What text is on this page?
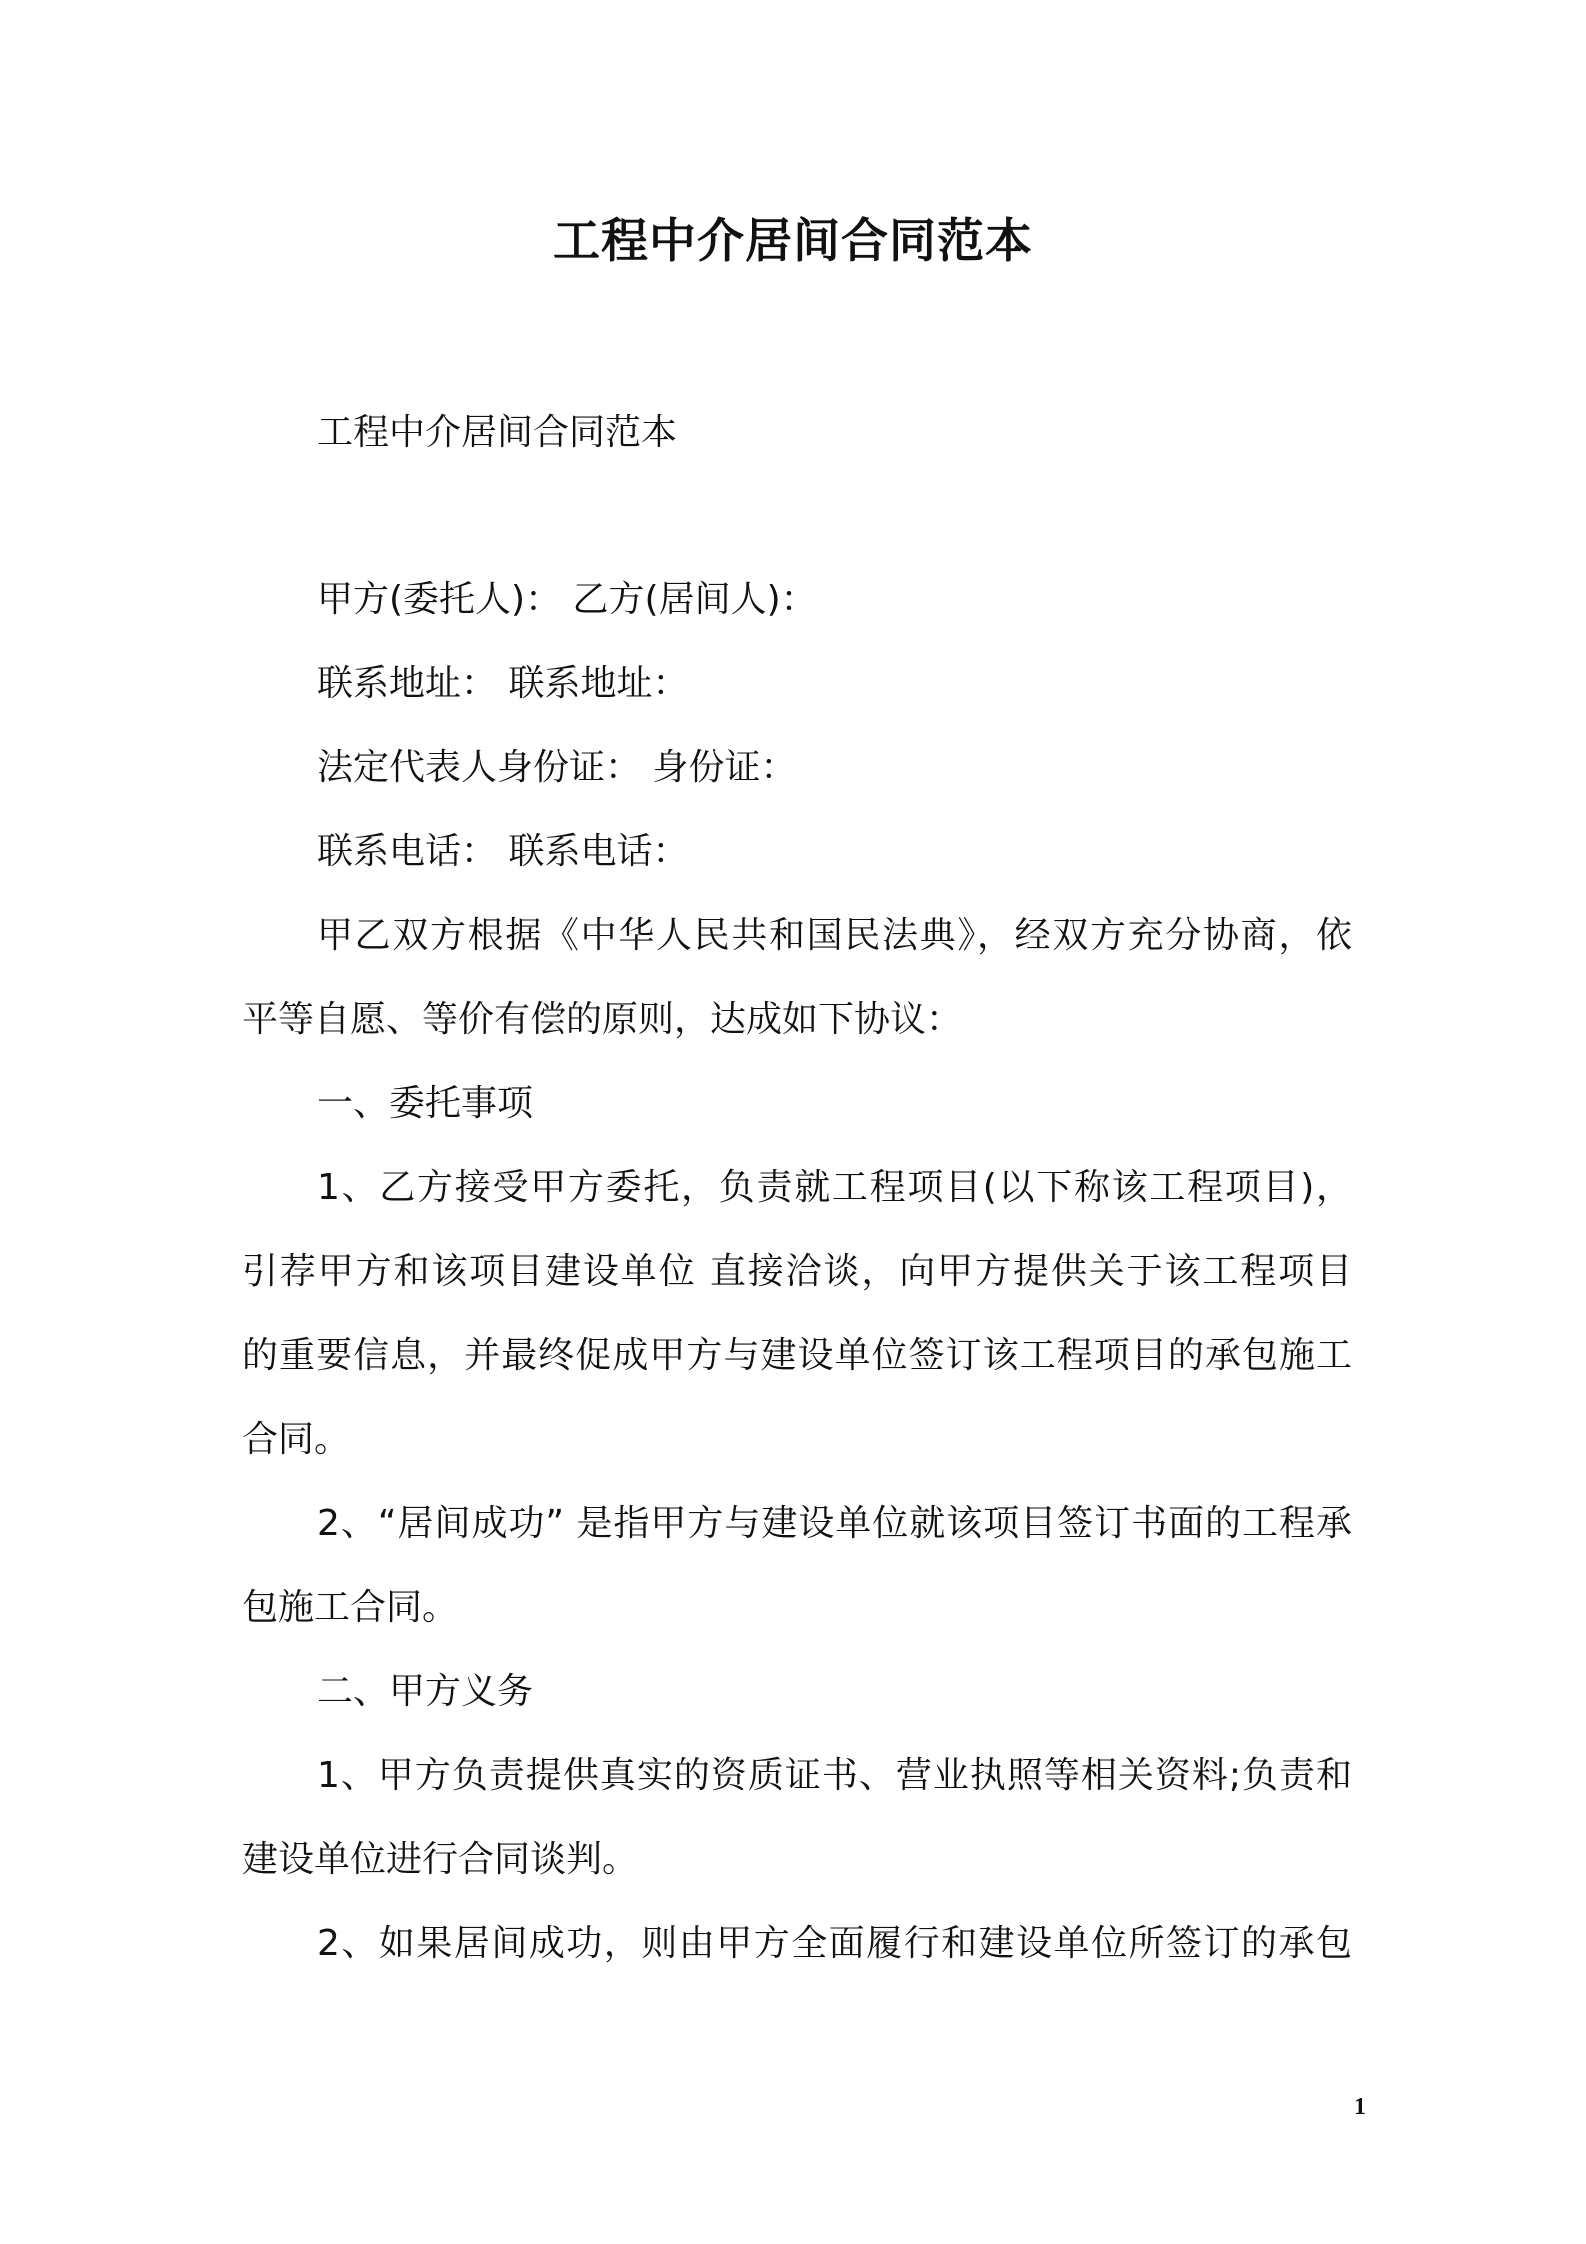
工程中介居间合同范本
工程中介居间合同范本
甲方(委托人)： 乙方(居间人)：
联系地址： 联系地址：
法定代表人身份证： 身份证：
联系电话： 联系电话：
甲乙双方根据《中华人民共和国民法典》，经双方充分协商，依
平等自愿、等价有偿的原则，达成如下协议：
一、委托事项
1、乙方接受甲方委托，负责就工程项目(以下称该工程项目)，
引荐甲方和该项目建设单位 直接洽谈，向甲方提供关于该工程项目
的重要信息，并最终促成甲方与建设单位签订该工程项目的承包施工
合同。
2、“居间成功” 是指甲方与建设单位就该项目签订书面的工程承
包施工合同。
二、甲方义务
1、甲方负责提供真实的资质证书、营业执照等相关资料;负责和
建设单位进行合同谈判。
2、如果居间成功，则由甲方全面履行和建设单位所签订的承包
1
